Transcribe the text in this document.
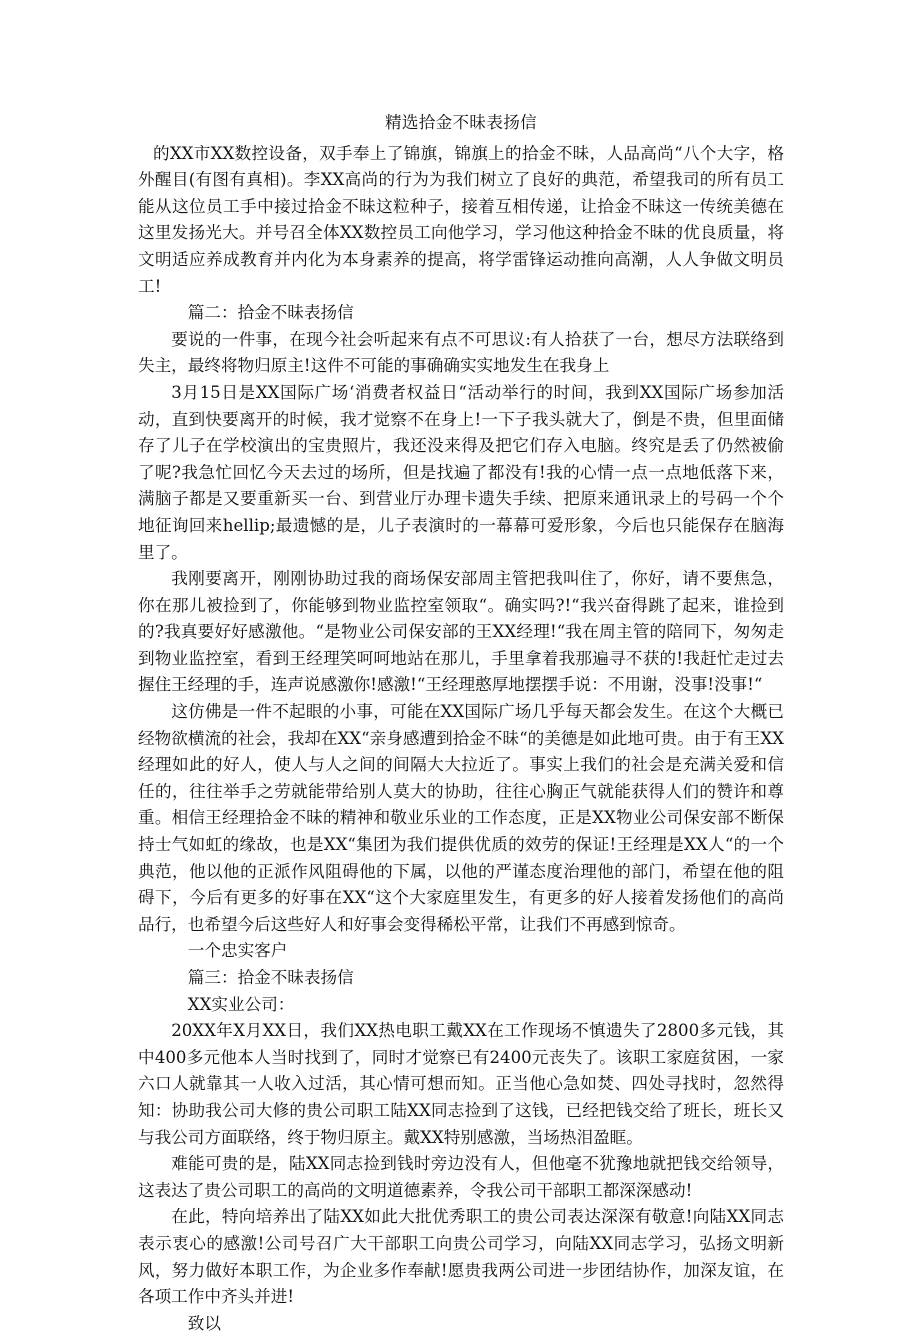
精选拾金不昧表扬信

的XX市XX数控设备，双手奉上了锦旗，锦旗上的拾金不昧，人品高尚“八个大字，格外醒目(有图有真相)。李XX高尚的行为为我们树立了良好的典范，希望我司的所有员工能从这位员工手中接过拾金不昧这粒种子，接着互相传递，让拾金不昧这一传统美德在这里发扬光大。并号召全体XX数控员工向他学习，学习他这种拾金不昧的优良质量，将文明适应养成教育并内化为本身素养的提高，将学雷锋运动推向高潮，人人争做文明员工!

篇二：拾金不昧表扬信

要说的一件事，在现今社会听起来有点不可思议:有人拾获了一台，想尽方法联络到失主，最终将物归原主!这件不可能的事确确实实地发生在我身上

3月15日是XX国际广场‘消费者权益日“活动举行的时间，我到XX国际广场参加活动，直到快要离开的时候，我才觉察不在身上!一下子我头就大了，倒是不贵，但里面储存了儿子在学校演出的宝贵照片，我还没来得及把它们存入电脑。终究是丢了仍然被偷了呢?我急忙回忆今天去过的场所，但是找遍了都没有!我的心情一点一点地低落下来，满脑子都是又要重新买一台、到营业厅办理卡遗失手续、把原来通讯录上的号码一个个地征询回来hellip;最遗憾的是，儿子表演时的一幕幕可爱形象，今后也只能保存在脑海里了。

我刚要离开，刚刚协助过我的商场保安部周主管把我叫住了，你好，请不要焦急，你在那儿被捡到了，你能够到物业监控室领取“。确实吗?!“我兴奋得跳了起来，谁捡到的?我真要好好感激他。“是物业公司保安部的王XX经理!“我在周主管的陪同下，匆匆走到物业监控室，看到王经理笑呵呵地站在那儿，手里拿着我那遍寻不获的!我赶忙走过去握住王经理的手，连声说感激你!感激!“王经理憨厚地摆摆手说：不用谢，没事!没事!“

这仿佛是一件不起眼的小事，可能在XX国际广场几乎每天都会发生。在这个大概已经物欲横流的社会，我却在XX“亲身感遭到拾金不昧“的美德是如此地可贵。由于有王XX经理如此的好人，使人与人之间的间隔大大拉近了。事实上我们的社会是充满关爱和信任的，往往举手之劳就能带给别人莫大的协助，往往心胸正气就能获得人们的赞许和尊重。相信王经理拾金不昧的精神和敬业乐业的工作态度，正是XX物业公司保安部不断保持士气如虹的缘故，也是XX“集团为我们提供优质的效劳的保证!王经理是XX人“的一个典范，他以他的正派作风阻碍他的下属，以他的严谨态度治理他的部门，希望在他的阻碍下，今后有更多的好事在XX“这个大家庭里发生，有更多的好人接着发扬他们的高尚品行，也希望今后这些好人和好事会变得稀松平常，让我们不再感到惊奇。

一个忠实客户

篇三：拾金不昧表扬信

XX实业公司：

20XX年X月XX日，我们XX热电职工戴XX在工作现场不慎遗失了2800多元钱，其中400多元他本人当时找到了，同时才觉察已有2400元丧失了。该职工家庭贫困，一家六口人就靠其一人收入过活，其心情可想而知。正当他心急如焚、四处寻找时，忽然得知：协助我公司大修的贵公司职工陆XX同志捡到了这钱，已经把钱交给了班长，班长又与我公司方面联络，终于物归原主。戴XX特别感激，当场热泪盈眶。

难能可贵的是，陆XX同志捡到钱时旁边没有人，但他毫不犹豫地就把钱交给领导，这表达了贵公司职工的高尚的文明道德素养，令我公司干部职工都深深感动!

在此，特向培养出了陆XX如此大批优秀职工的贵公司表达深深有敬意!向陆XX同志表示衷心的感激!公司号召广大干部职工向贵公司学习，向陆XX同志学习，弘扬文明新风，努力做好本职工作，为企业多作奉献!愿贵我两公司进一步团结协作，加深友谊，在各项工作中齐头并进!

致以
